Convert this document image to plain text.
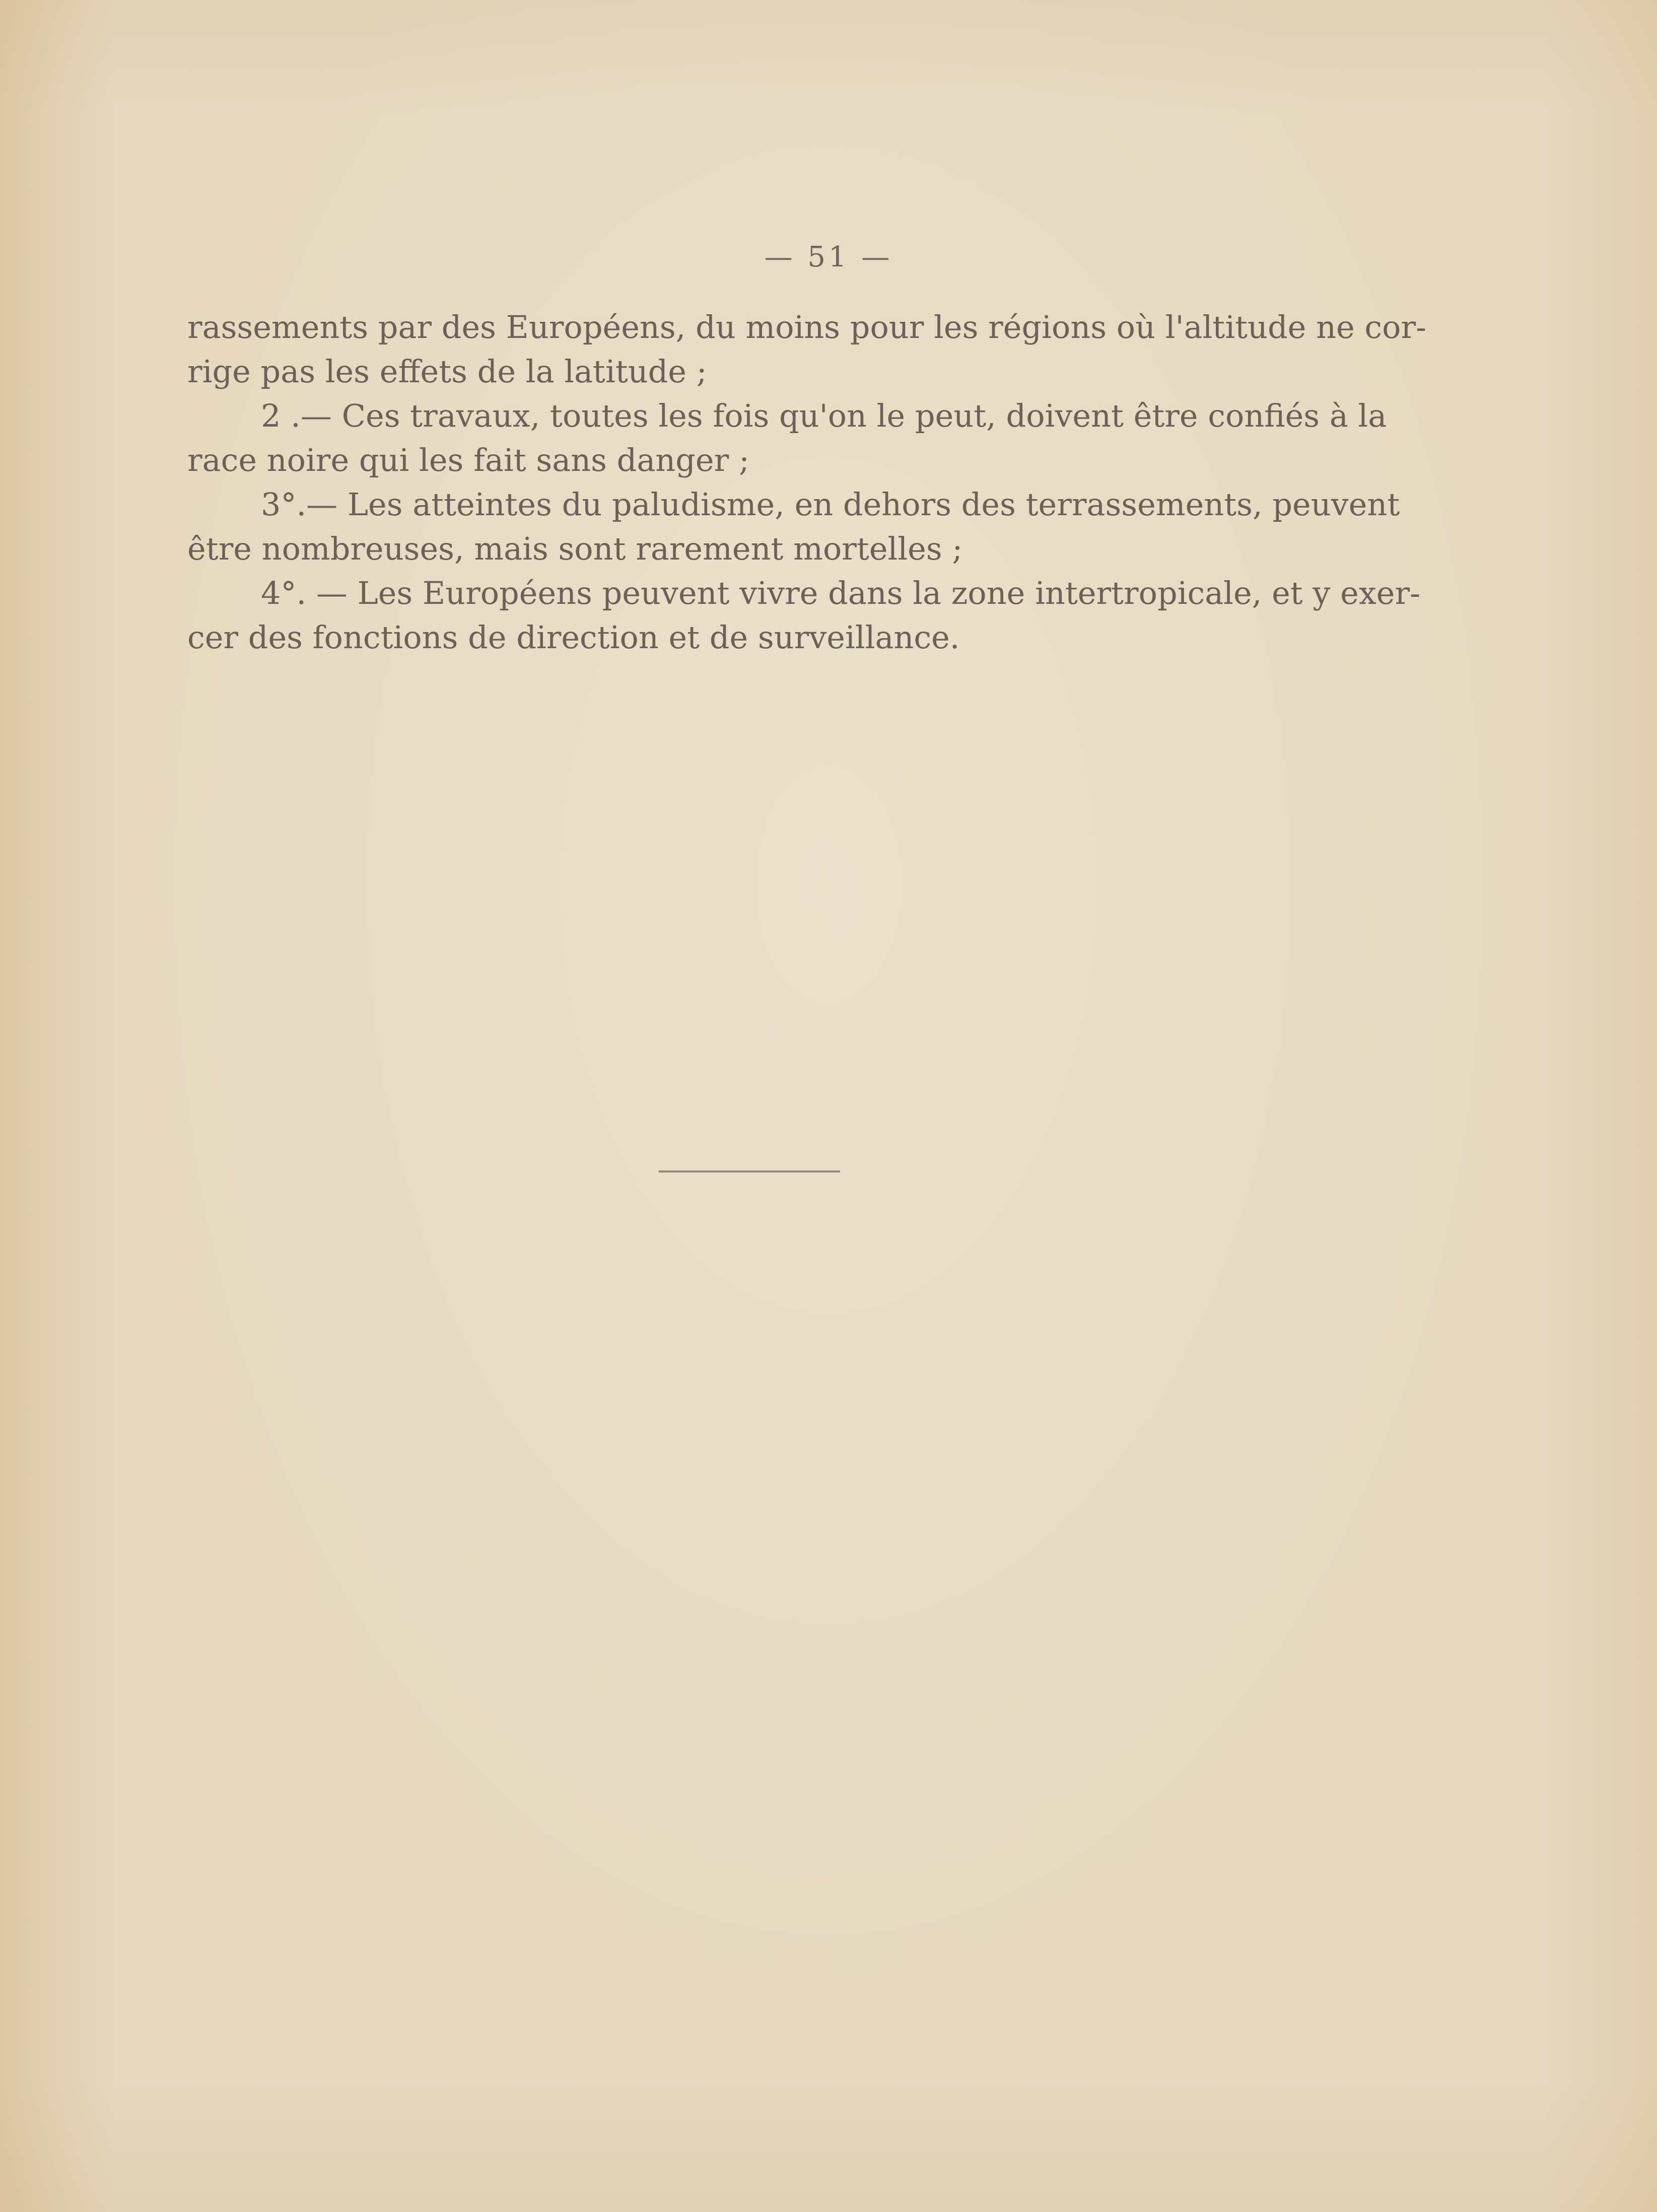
— 51 —
rassements par des Européens, du moins pour les régions où l'altitude ne cor-
rige pas les effets de la latitude ;
2 .— Ces travaux, toutes les fois qu'on le peut, doivent être confiés à la
race noire qui les fait sans danger ;
3°.— Les atteintes du paludisme, en dehors des terrassements, peuvent
être nombreuses, mais sont rarement mortelles ;
4°. — Les Européens peuvent vivre dans la zone intertropicale, et y exer-
cer des fonctions de direction et de surveillance.
